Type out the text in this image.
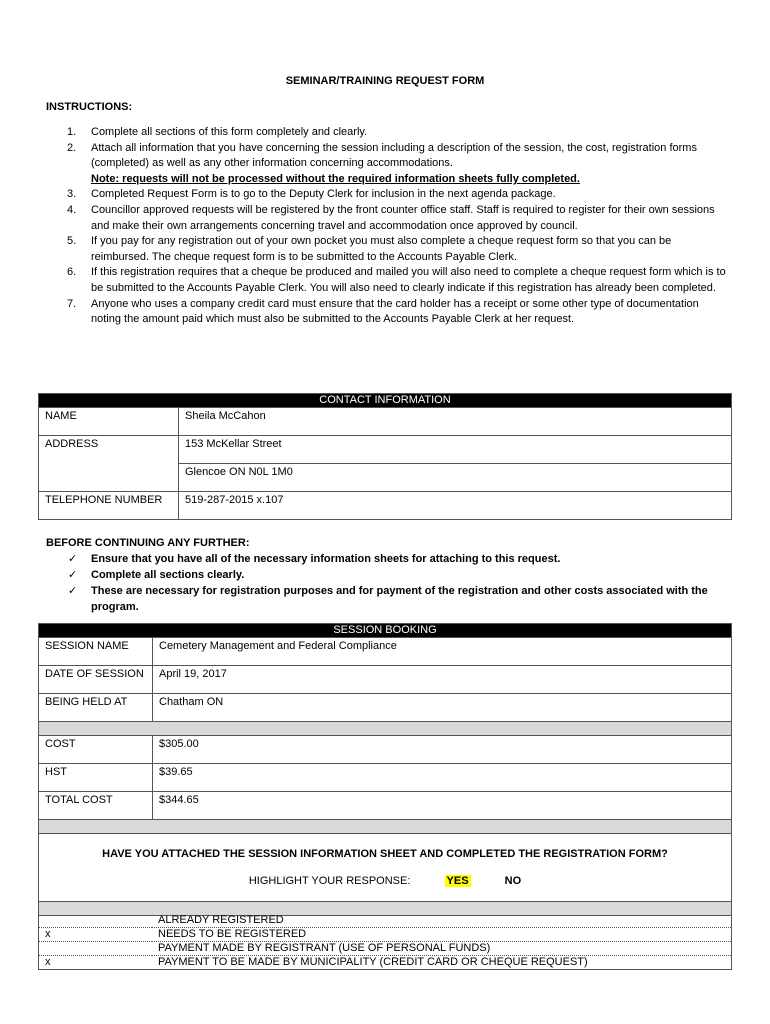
SEMINAR/TRAINING REQUEST FORM
INSTRUCTIONS:
1. Complete all sections of this form completely and clearly.
2. Attach all information that you have concerning the session including a description of the session, the cost, registration forms (completed) as well as any other information concerning accommodations.
Note: requests will not be processed without the required information sheets fully completed.
3. Completed Request Form is to go to the Deputy Clerk for inclusion in the next agenda package.
4. Councillor approved requests will be registered by the front counter office staff. Staff is required to register for their own sessions and make their own arrangements concerning travel and accommodation once approved by council.
5. If you pay for any registration out of your own pocket you must also complete a cheque request form so that you can be reimbursed. The cheque request form is to be submitted to the Accounts Payable Clerk.
6. If this registration requires that a cheque be produced and mailed you will also need to complete a cheque request form which is to be submitted to the Accounts Payable Clerk. You will also need to clearly indicate if this registration has already been completed.
7. Anyone who uses a company credit card must ensure that the card holder has a receipt or some other type of documentation noting the amount paid which must also be submitted to the Accounts Payable Clerk at her request.
CONTACT INFORMATION	
NAME	Sheila McCahon
ADDRESS	153 McKellar Street
	Glencoe ON N0L 1M0
TELEPHONE NUMBER	519-287-2015 x.107
BEFORE CONTINUING ANY FURTHER:
✓ Ensure that you have all of the necessary information sheets for attaching to this request.
✓ Complete all sections clearly.
✓ These are necessary for registration purposes and for payment of the registration and other costs associated with the program.
SESSION BOOKING	
SESSION NAME	Cemetery Management and Federal Compliance
DATE OF SESSION	April 19, 2017
BEING HELD AT	Chatham ON

COST	$305.00
HST	$39.65
TOTAL COST	$344.65

HAVE YOU ATTACHED THE SESSION INFORMATION SHEET AND COMPLETED THE REGISTRATION FORM?
HIGHLIGHT YOUR RESPONSE: YES NO	

	ALREADY REGISTERED
x	NEEDS TO BE REGISTERED
	PAYMENT MADE BY REGISTRANT (USE OF PERSONAL FUNDS)
x	PAYMENT TO BE MADE BY MUNICIPALITY (CREDIT CARD OR CHEQUE REQUEST)
